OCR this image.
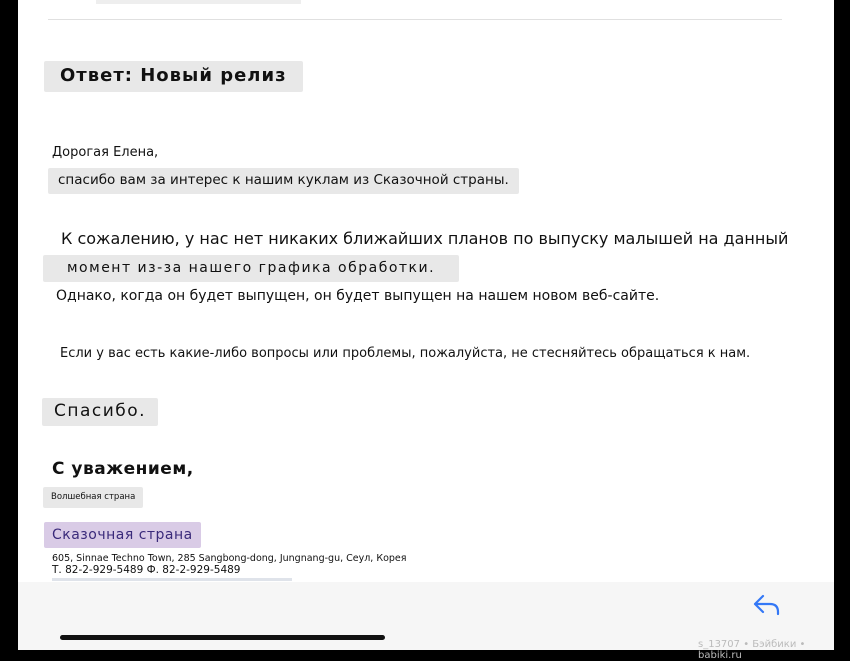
Ответ: Новый релиз
Дорогая Елена,
спасибо вам за интерес к нашим куклам из Сказочной страны.
К сожалению, у нас нет никаких ближайших планов по выпуску малышей на данный
момент из-за нашего графика обработки.
Однако, когда он будет выпущен, он будет выпущен на нашем новом веб-сайте.
Если у вас есть какие-либо вопросы или проблемы, пожалуйста, не стесняйтесь обращаться к нам.
Спасибо.
С уважением,
Волшебная страна
Сказочная страна
605, Sinnae Techno Town, 285 Sangbong-dong, Jungnang-gu, Сеул, Корея
Т. 82-2-929-5489 Ф. 82-2-929-5489
s_13707 • Бэйбики • babiki.ru
